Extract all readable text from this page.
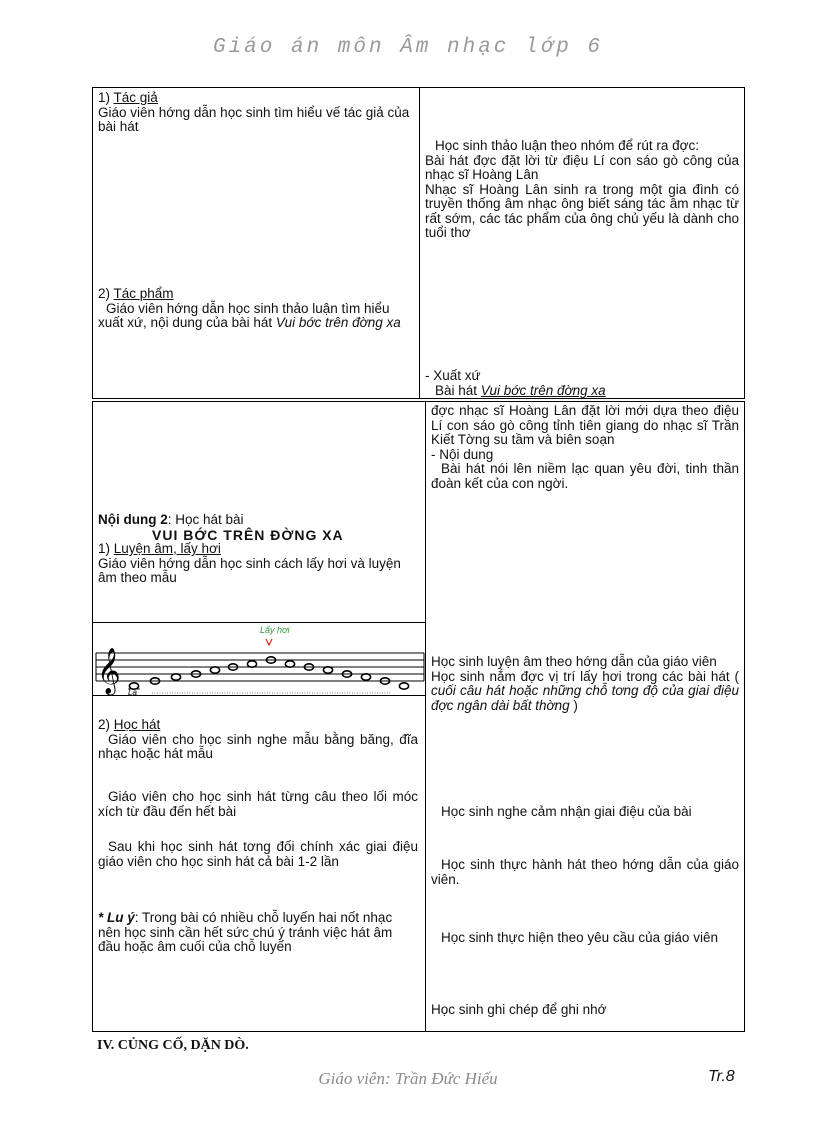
Giáo án môn Âm nhạc lớp 6

1) Tác giả

Giáo viên hớng dẫn học sinh tìm hiểu vế tác giả của bài hát

2) Tác phẩm

Giáo viên hớng dẫn học sinh thảo luận tìm hiểu xuất xứ, nội dung của bài hát Vui bớc trên đờng xa

Học sinh thảo luận theo nhóm để rút ra đợc:

Bài hát đợc đặt lời từ điệu Lí con sáo gò công của nhạc sĩ Hoàng Lân

Nhạc sĩ Hoàng Lân sinh ra trong một gia đình có truyền thống âm nhạc ông biết sáng tác âm nhạc từ rất sớm, các tác phẩm của ông chủ yếu là dành cho tuổi thơ

- Xuất xứ

Bài hát Vui bớc trên đờng xa

đợc nhạc sĩ Hoàng Lân đặt lời mới dựa theo điệu Lí con sáo gò công tỉnh tiên giang do nhạc sĩ Trần Kiết Tờng su tầm và biên soạn

- Nội dung

Bài hát nói lên niềm lạc quan yêu đời, tinh thần đoàn kết của con ngời.

Nội dung 2: Học hát bài

VUI BỚC TRÊN ĐỜNG XA

1) Luyện âm, lấy hơi

Giáo viên hớng dẫn học sinh cách lấy hơi và luyện âm theo mẫu

Lấy hơi
𝄞 La

Học sinh luyện âm theo hớng dẫn của giáo viên

Học sinh nắm đợc vị trí lấy hơi trong các bài hát ( cuối câu hát hoặc những chỗ tơng độ của giai điệu đợc ngân dài bất thờng )

2) Học hát

Giáo viên cho học sinh nghe mẫu bằng băng, đĩa nhạc hoặc hát mẫu

Giáo viên cho học sinh hát từng câu theo lối móc xích từ đầu đến hết bài

Sau khi học sinh hát tơng đối chính xác giai điệu giáo viên cho học sinh hát cả bài 1-2 lần

* Lu ý: Trong bài có nhiều chỗ luyến hai nốt nhạc nên học sinh cần hết sức chú ý tránh việc hát âm đầu hoặc âm cuối của chỗ luyến

Học sinh nghe cảm nhận giai điệu của bài

Học sinh thực hành hát theo hớng dẫn của giáo viên.

Học sinh thực hiện theo yêu cầu của giáo viên

Học sinh ghi chép để ghi nhớ

IV. CỦNG CỐ, DẶN DÒ.
Giáo viên: Trần Đức Hiếu	Tr.8
